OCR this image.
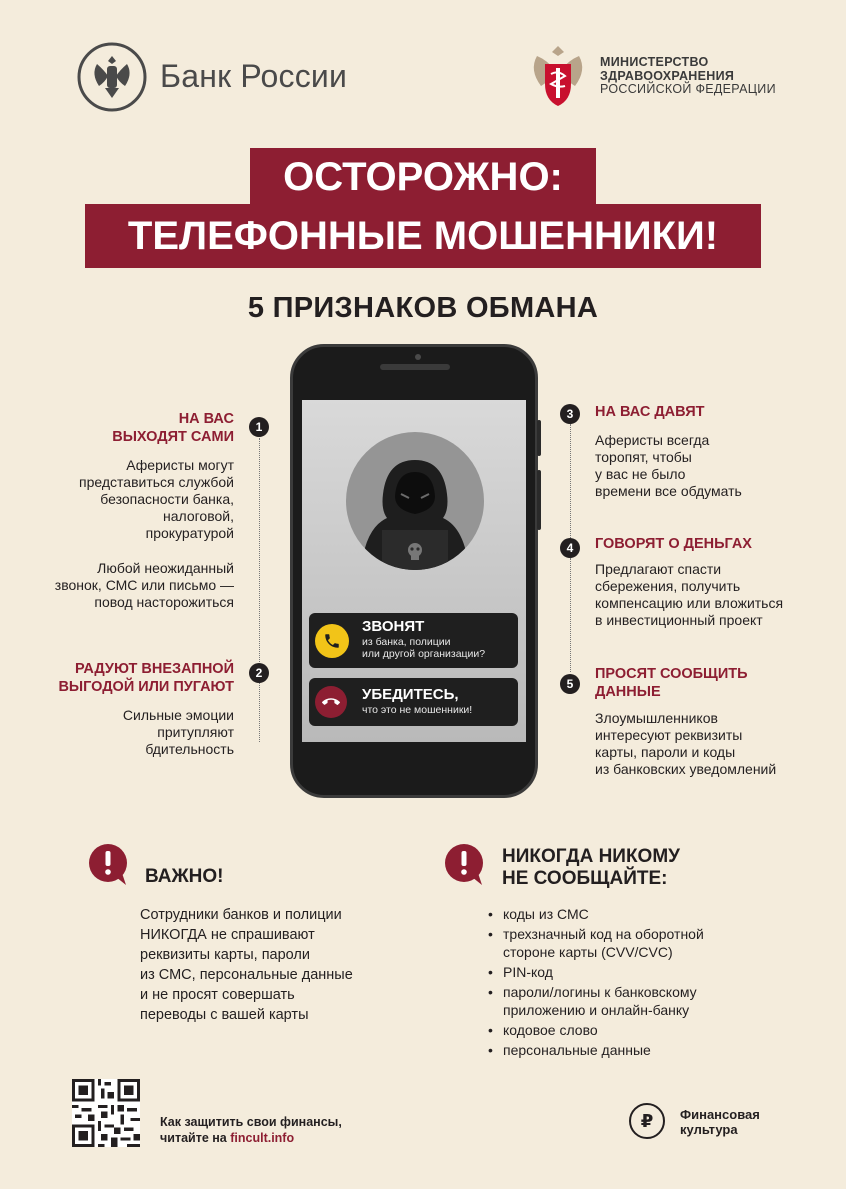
Банк России	МИНИСТЕРСТВО
ЗДРАВООХРАНЕНИЯ
РОССИЙСКОЙ ФЕДЕРАЦИИ
ОСТОРОЖНО:
ТЕЛЕФОННЫЕ МОШЕННИКИ!
5 ПРИЗНАКОВ ОБМАНА
ЗВОНЯТ
из банка, полиции
или другой организации?
УБЕДИТЕСЬ,
что это не мошенники!
1
НА ВАС
ВЫХОДЯТ САМИ
Аферисты могут
представиться службой
безопасности банка,
налоговой,
прокуратурой
Любой неожиданный
звонок, СМС или письмо —
повод насторожиться
2
РАДУЮТ ВНЕЗАПНОЙ
ВЫГОДОЙ ИЛИ ПУГАЮТ
Сильные эмоции
притупляют
бдительность
3	НА ВАС ДАВЯТ
Аферисты всегда
торопят, чтобы
у вас не было
времени все обдумать
4	ГОВОРЯТ О ДЕНЬГАХ
Предлагают спасти
сбережения, получить
компенсацию или вложиться
в инвестиционный проект
5
ПРОСЯТ СООБЩИТЬ
ДАННЫЕ
Злоумышленников
интересуют реквизиты
карты, пароли и коды
из банковских уведомлений
ВАЖНО!
Сотрудники банков и полиции
НИКОГДА не спрашивают
реквизиты карты, пароли
из СМС, персональные данные
и не просят совершать
переводы с вашей карты
НИКОГДА НИКОМУ
НЕ СООБЩАЙТЕ:
• коды из СМС
• трехзначный код на оборотной стороне карты (CVV/CVC)
• PIN-код
• пароли/логины к банковскому приложению и онлайн-банку
• кодовое слово
• персональные данные
Как защитить свои финансы,
читайте на fincult.info
₽	Финансовая
культура
